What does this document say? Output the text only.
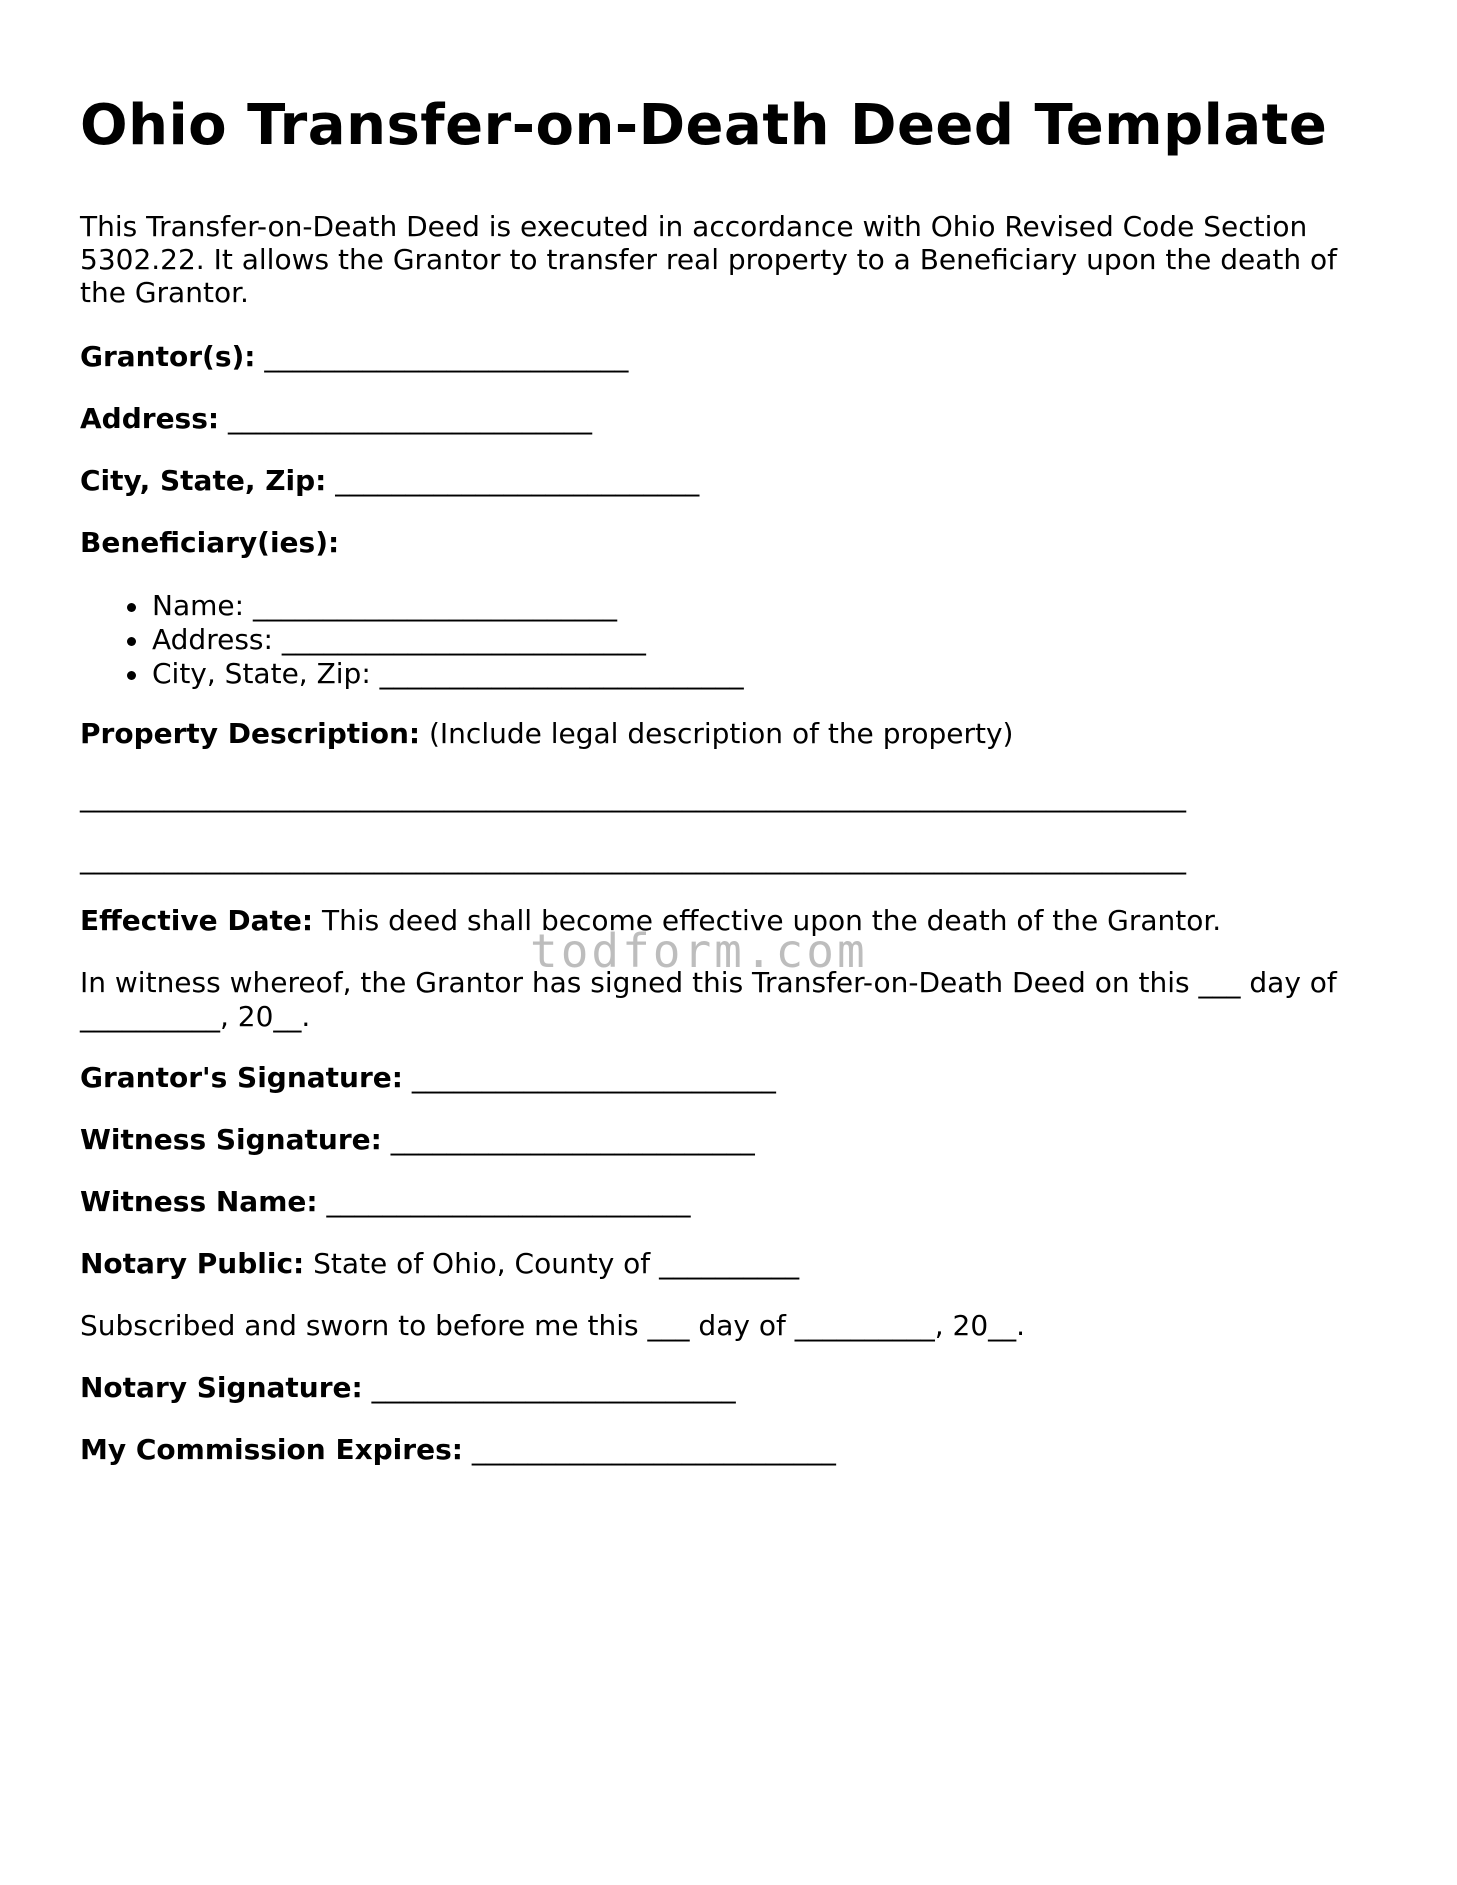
Ohio Transfer-on-Death Deed Template

This Transfer-on-Death Deed is executed in accordance with Ohio Revised Code Section 5302.22. It allows the Grantor to transfer real property to a Beneficiary upon the death of the Grantor.

Grantor(s): __________________________

Address: __________________________

City, State, Zip: __________________________

Beneficiary(ies):

Name: __________________________
Address: __________________________
City, State, Zip: __________________________

Property Description: (Include legal description of the property)

_______________________________________________________________________________

_______________________________________________________________________________

Effective Date: This deed shall become effective upon the death of the Grantor.

In witness whereof, the Grantor has signed this Transfer-on-Death Deed on this ___ day of

__________, 20__.

Grantor's Signature: __________________________

Witness Signature: __________________________

Witness Name: __________________________

Notary Public: State of Ohio, County of __________

Subscribed and sworn to before me this ___ day of __________, 20__.

Notary Signature: __________________________

My Commission Expires: __________________________

todform.com
